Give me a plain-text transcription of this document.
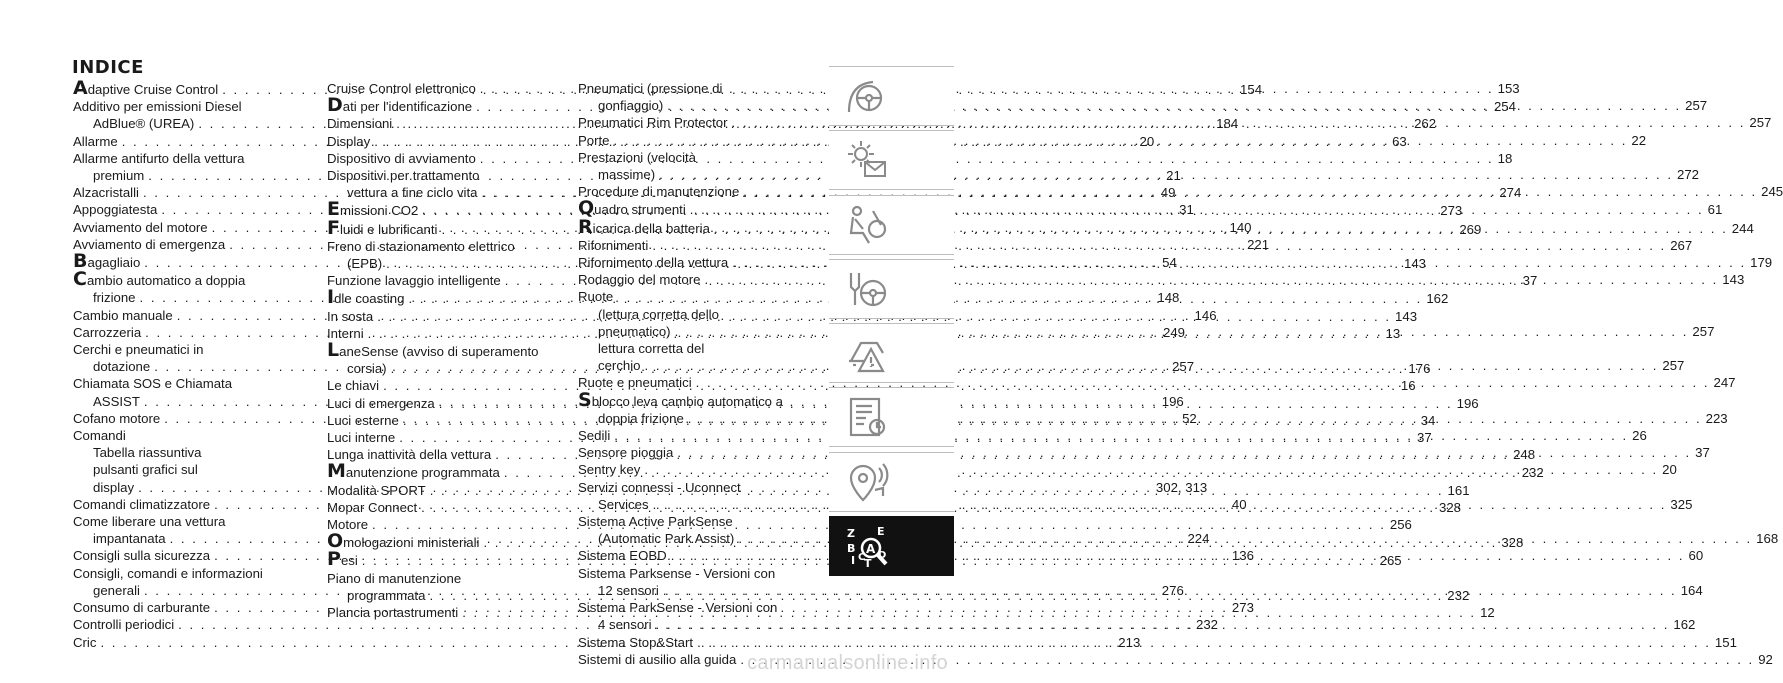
INDICE
Adaptive Cruise Control . . .	154
Additivo per emissioni Diesel
AdBlue® (UREA) . . .	184
Allarme . . .	20
Allarme antifurto della vettura
premium . . .	21
Alzacristalli . . .	49
Appoggiatesta . . .	31
Avviamento del motore . . .	140
Avviamento di emergenza . . .	221
Bagagliaio . . .	54
Cambio automatico a doppia
frizione . . .	148
Cambio manuale . . .	146
Carrozzeria . . .	249
Cerchi e pneumatici in
dotazione . . .	257
Chiamata SOS e Chiamata
ASSIST . . .	196
Cofano motore . . .	52
Comandi
Tabella riassuntiva
pulsanti grafici sul
display . . .	302, 313
Comandi climatizzatore . . .	40
Come liberare una vettura
impantanata . . .	224
Consigli sulla sicurezza . . .	136
Consigli, comandi e informazioni
generali . . .	276
Consumo di carburante . . .	273
Controlli periodici . . .	232
Cric . . .	213
Cruise Control elettronico . . .	153
Dati per l'identificazione . . .	254
Dimensioni . . .	262
Display . . .	63
Dispositivo di avviamento . . .	18
Dispositivi per trattamento
vettura a fine ciclo vita . . .	274
Emissioni CO2 . . .	273
Fluidi e lubrificanti . . .	269
Freno di stazionamento elettrico
(EPB) . . .	143
Funzione lavaggio intelligente . . .	37
Idle coasting . . .	162
In sosta . . .	143
Interni . . .	13
LaneSense (avviso di superamento
corsia) . . .	176
Le chiavi . . .	16
Luci di emergenza . . .	196
Luci esterne . . .	34
Luci interne . . .	37
Lunga inattività della vettura . . .	248
Manutenzione programmata . . .	232
Modalità SPORT . . .	161
Mopar Connect . . .	328
Motore . . .	256
Omologazioni ministeriali . . .	328
Pesi . . .	265
Piano di manutenzione
programmata . . .	232
Plancia portastrumenti . . .	12
Pneumatici (pressione di
gonfiaggio) . . .	257
Pneumatici Rim Protector . . .	257
Porte . . .	22
Prestazioni (velocità
massime) . . .	272
Procedure di manutenzione . . .	245
Quadro strumenti . . .	61
Ricarica della batteria . . .	244
Rifornimenti . . .	267
Rifornimento della vettura . . .	179
Rodaggio del motore . . .	143
Ruote
(lettura corretta dello
pneumatico) . . .	257
lettura corretta del
cerchio . . .	257
Ruote e pneumatici . . .	247
Sblocco leva cambio automatico a
doppia frizione . . .	223
Sedili . . .	26
Sensore pioggia . . .	37
Sentry key . . .	20
Servizi connessi - Uconnect
Services . . .	325
Sistema Active ParkSense
(Automatic Park Assist) . . .	168
Sistema EOBD . . .	60
Sistema Parksense - Versioni con
12 sensori . . .	164
Sistema ParkSense - Versioni con
4 sensori . . .	162
Sistema Stop&Start . . .	151
Sistemi di ausilio alla guida . . .	92
Z E
B A
I C
T
D
carmanualsonline.info
